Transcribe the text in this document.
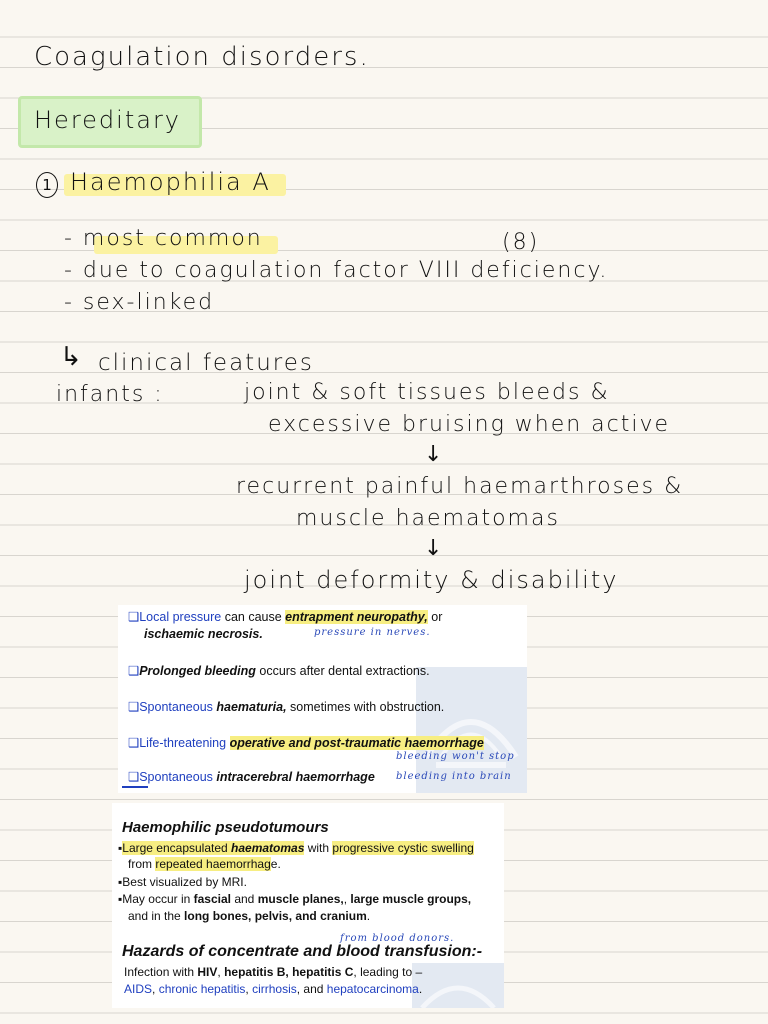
Coagulation disorders.

Hereditary

1 Haemophilia A

- most common	(8)

- due to coagulation factor VIII deficiency.

- sex-linked

↳ clinical features

infants :	joint & soft tissues bleeds &

excessive bruising when active

↓

recurrent painful haemarthroses &

muscle haematomas

↓

joint deformity & disability

❑Local pressure can cause entrapment neuropathy, or
ischaemic necrosis.	pressure in nerves.
❑Prolonged bleeding occurs after dental extractions.
❑Spontaneous haematuria, sometimes with obstruction.
❑Life-threatening operative and post-traumatic haemorrhage
bleeding won't stop
❑Spontaneous intracerebral haemorrhage bleeding into brain
Haemophilic pseudotumours
▪Large encapsulated haematomas with progressive cystic swelling
from repeated haemorrhage.
▪Best visualized by MRI.
▪May occur in fascial and muscle planes,, large muscle groups,
and in the long bones, pelvis, and cranium.
from blood donors.
Hazards of concentrate and blood transfusion:-
Infection with HIV, hepatitis B, hepatitis C, leading to –
AIDS, chronic hepatitis, cirrhosis, and hepatocarcinoma.
